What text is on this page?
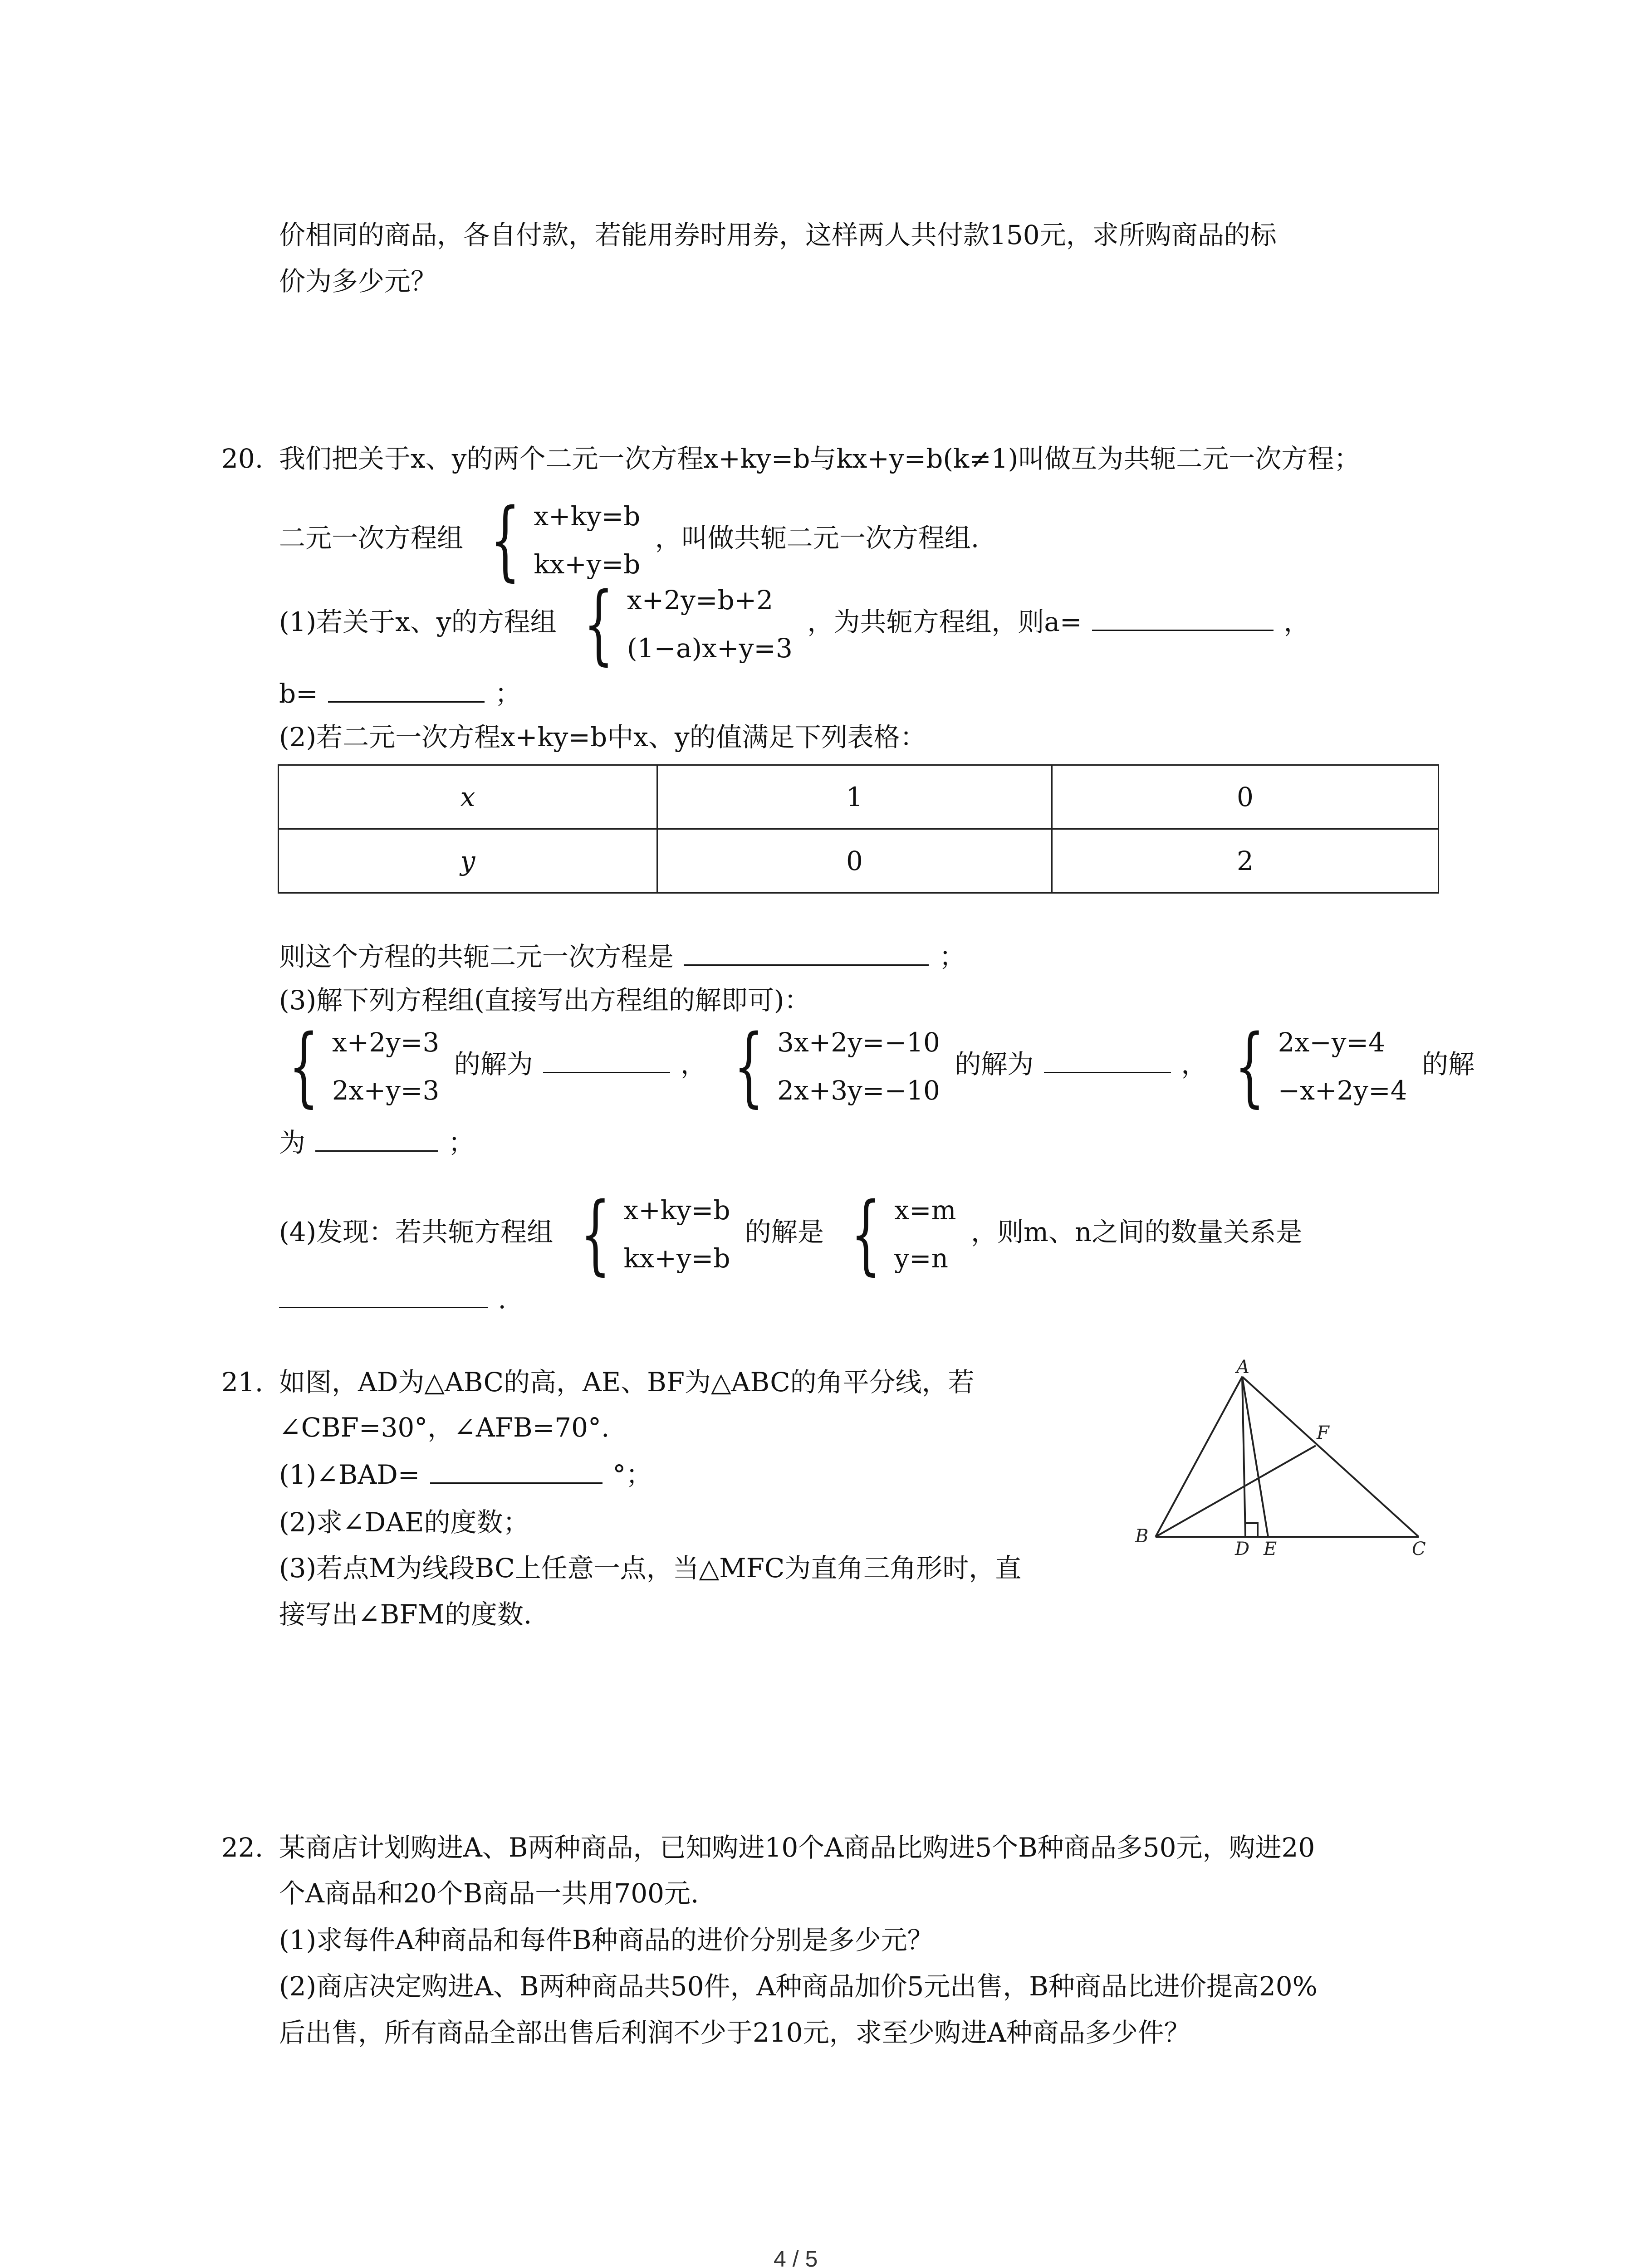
价相同的商品，各自付款，若能用券时用券，这样两人共付款150元，求所购商品的标
价为多少元？
20. 我们把关于x、y的两个二元一次方程x+ky=b与kx+y=b(k≠1)叫做互为共轭二元一次方程；
二元一次方程组 { x+ky=b
kx+y=b
，叫做共轭二元一次方程组.
(1)若关于x、y的方程组 { x+2y=b+2
(1−a)x+y=3
，为共轭方程组，则a=	，
b=	；
(2)若二元一次方程x+ky=b中x、y的值满足下列表格：
x	1	0
y	0	2
则这个方程的共轭二元一次方程是	；
(3)解下列方程组(直接写出方程组的解即可)：
{ x+2y=3
2x+y=3
的解为	， { 3x+2y=−10
2x+3y=−10
的解为	， { 2x−y=4
−x+2y=4
的解
为	；
(4)发现：若共轭方程组 { x+ky=b
kx+y=b
的解是 { x=m
y=n
，则m、n之间的数量关系是
.
21. 如图，AD为△ABC的高，AE、BF为△ABC的角平分线，若
∠CBF=30°，∠AFB=70°.
(1)∠BAD=	°；
(2)求∠DAE的度数；
(3)若点M为线段BC上任意一点，当△MFC为直角三角形时，直
接写出∠BFM的度数.
A
B
C
D E
F
22. 某商店计划购进A、B两种商品，已知购进10个A商品比购进5个B种商品多50元，购进20
个A商品和20个B商品一共用700元.
(1)求每件A种商品和每件B种商品的进价分别是多少元？
(2)商店决定购进A、B两种商品共50件，A种商品加价5元出售，B种商品比进价提高20%
后出售，所有商品全部出售后利润不少于210元，求至少购进A种商品多少件？
4 / 5
